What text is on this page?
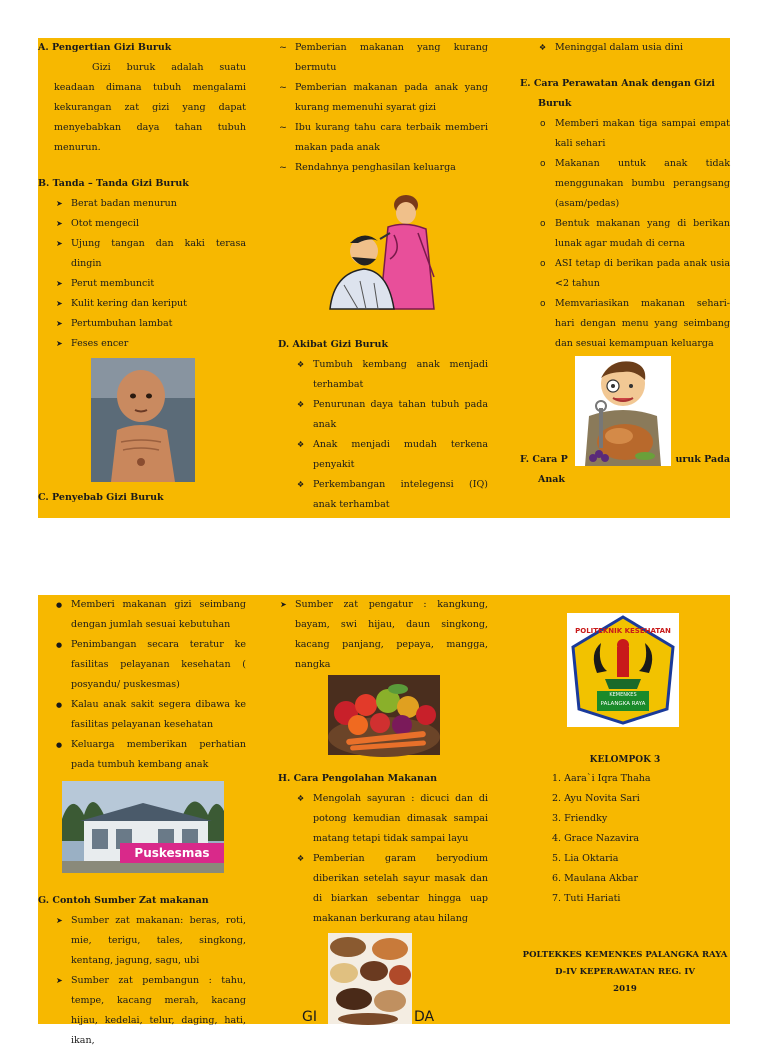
A. Pengertian Gizi Buruk

Gizi buruk adalah suatu keadaan dimana tubuh mengalami kekurangan zat gizi yang dapat menyebabkan daya tahan tubuh menurun.

B. Tanda – Tanda Gizi Buruk

➤ Berat badan menurun
➤ Otot mengecil
➤ Ujung tangan dan kaki terasa dingin
➤ Perut membuncit
➤ Kulit kering dan keriput
➤ Pertumbuhan lambat
➤ Feses encer

C. Penyebab Gizi Buruk

~ Pemberian makanan yang kurang bermutu
~ Pemberian makanan pada anak yang kurang memenuhi syarat gizi
~ Ibu kurang tahu cara terbaik memberi makan pada anak
~ Rendahnya penghasilan keluarga

D. Akibat Gizi Buruk

❖ Tumbuh kembang anak menjadi terhambat
❖ Penurunan daya tahan tubuh pada anak
❖ Anak menjadi mudah terkena penyakit
❖ Perkembangan intelegensi (IQ) anak terhambat
❖ Meninggal dalam usia dini

E. Cara Perawatan Anak dengan Gizi Buruk

o Memberi makan tiga sampai empat kali sehari
o Makanan untuk anak tidak menggunakan bumbu perangsang (asam/pedas)
o Bentuk makanan yang di berikan lunak agar mudah di cerna
o ASI tetap di berikan pada anak usia <2 tahun
o Memvariasikan makanan sehari-hari dengan menu yang seimbang dan sesuai kemampuan keluarga

F. Cara P	uruk Pada

Anak

● Memberi makanan gizi seimbang dengan jumlah sesuai kebutuhan
● Penimbangan secara teratur ke fasilitas pelayanan kesehatan ( posyandu/ puskesmas)
● Kalau anak sakit segera dibawa ke fasilitas pelayanan kesehatan
● Keluarga memberikan perhatian pada tumbuh kembang anak
Puskesmas

G. Contoh Sumber Zat makanan

➤ Sumber zat makanan: beras, roti, mie, terigu, tales, singkong, kentang, jagung, sagu, ubi
➤ Sumber zat pembangun : tahu, tempe, kacang merah, kacang hijau, kedelai, telur, daging, hati, ikan,
➤ Sumber zat pengatur : kangkung, bayam, swi hijau, daun singkong, kacang panjang, pepaya, mangga, nangka

H. Cara Pengolahan Makanan

❖ Mengolah sayuran : dicuci dan di potong kemudian dimasak sampai matang tetapi tidak sampai layu
❖ Pemberian garam beryodium diberikan setelah sayur masak dan di biarkan sebentar hingga uap makanan berkurang atau hilang

GI	DA

POLITEKNIK KESEHATAN
KEMENKES
PALANGKA RAYA

KELOMPOK 3

1. Aara`i Iqra Thaha
2. Ayu Novita Sari
3. Friendky
4. Grace Nazavira
5. Lia Oktaria
6. Maulana Akbar
7. Tuti Hariati

POLTEKKES KEMENKES PALANGKA RAYA

D-IV KEPERAWATAN REG. IV

2019
